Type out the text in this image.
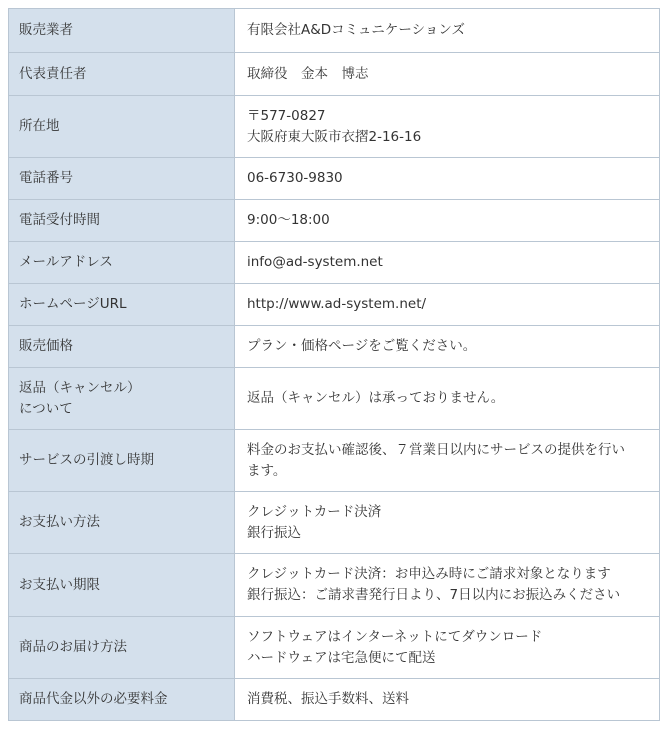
販売業者	有限会社A&Dコミュニケーションズ

代表責任者	取締役　金本　博志

所在地	〒577-0827
大阪府東大阪市衣摺2-16-16

電話番号	06-6730-9830

電話受付時間	9:00～18:00

メールアドレス	info@ad-system.net

ホームページURL	http://www.ad-system.net/

販売価格	プラン・価格ページをご覧ください。

返品（キャンセル）
について	返品（キャンセル）は承っておりません。

サービスの引渡し時期	料金のお支払い確認後、７営業日以内にサービスの提供を行い
ます。

お支払い方法	クレジットカード決済
銀行振込

お支払い期限	クレジットカード決済：お申込み時にご請求対象となります
銀行振込：ご請求書発行日より、7日以内にお振込みください

商品のお届け方法	ソフトウェアはインターネットにてダウンロード
ハードウェアは宅急便にて配送

商品代金以外の必要料金	消費税、振込手数料、送料
